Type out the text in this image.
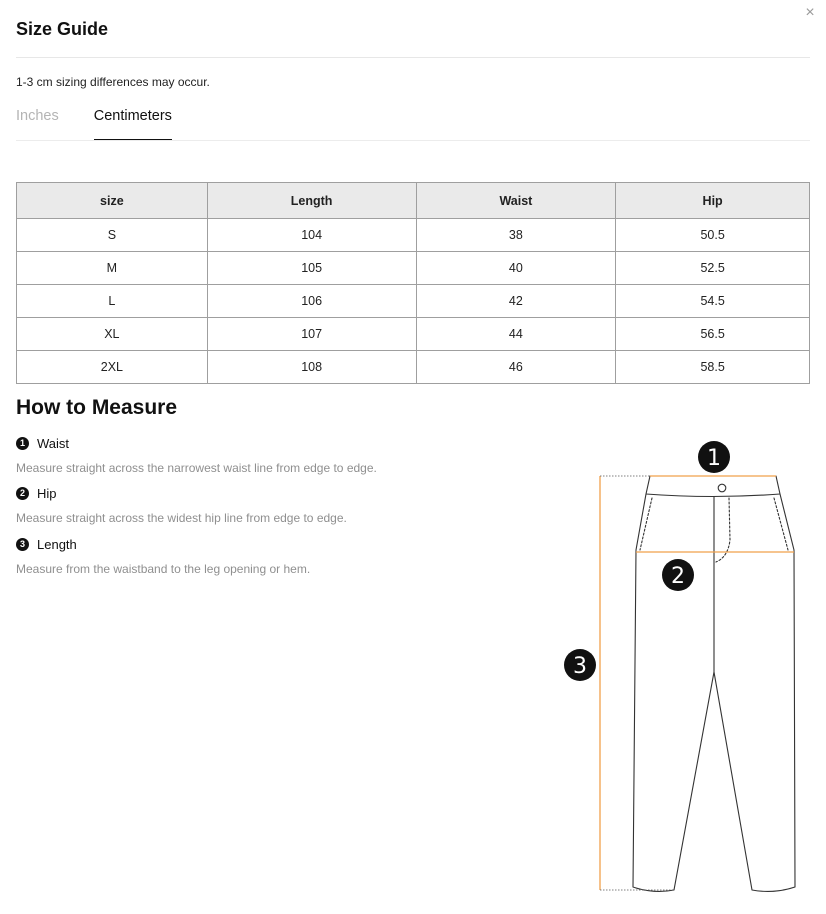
Size Guide
×
1-3 cm sizing differences may occur.
Inches Centimeters
size	Length	Waist	Hip
S	104	38	50.5
M	105	40	52.5
L	106	42	54.5
XL	107	44	56.5
2XL	108	46	58.5
How to Measure
1 Waist
Measure straight across the narrowest waist line from edge to edge.
2 Hip
Measure straight across the widest hip line from edge to edge.
3 Length
Measure from the waistband to the leg opening or hem.
1
2
3
